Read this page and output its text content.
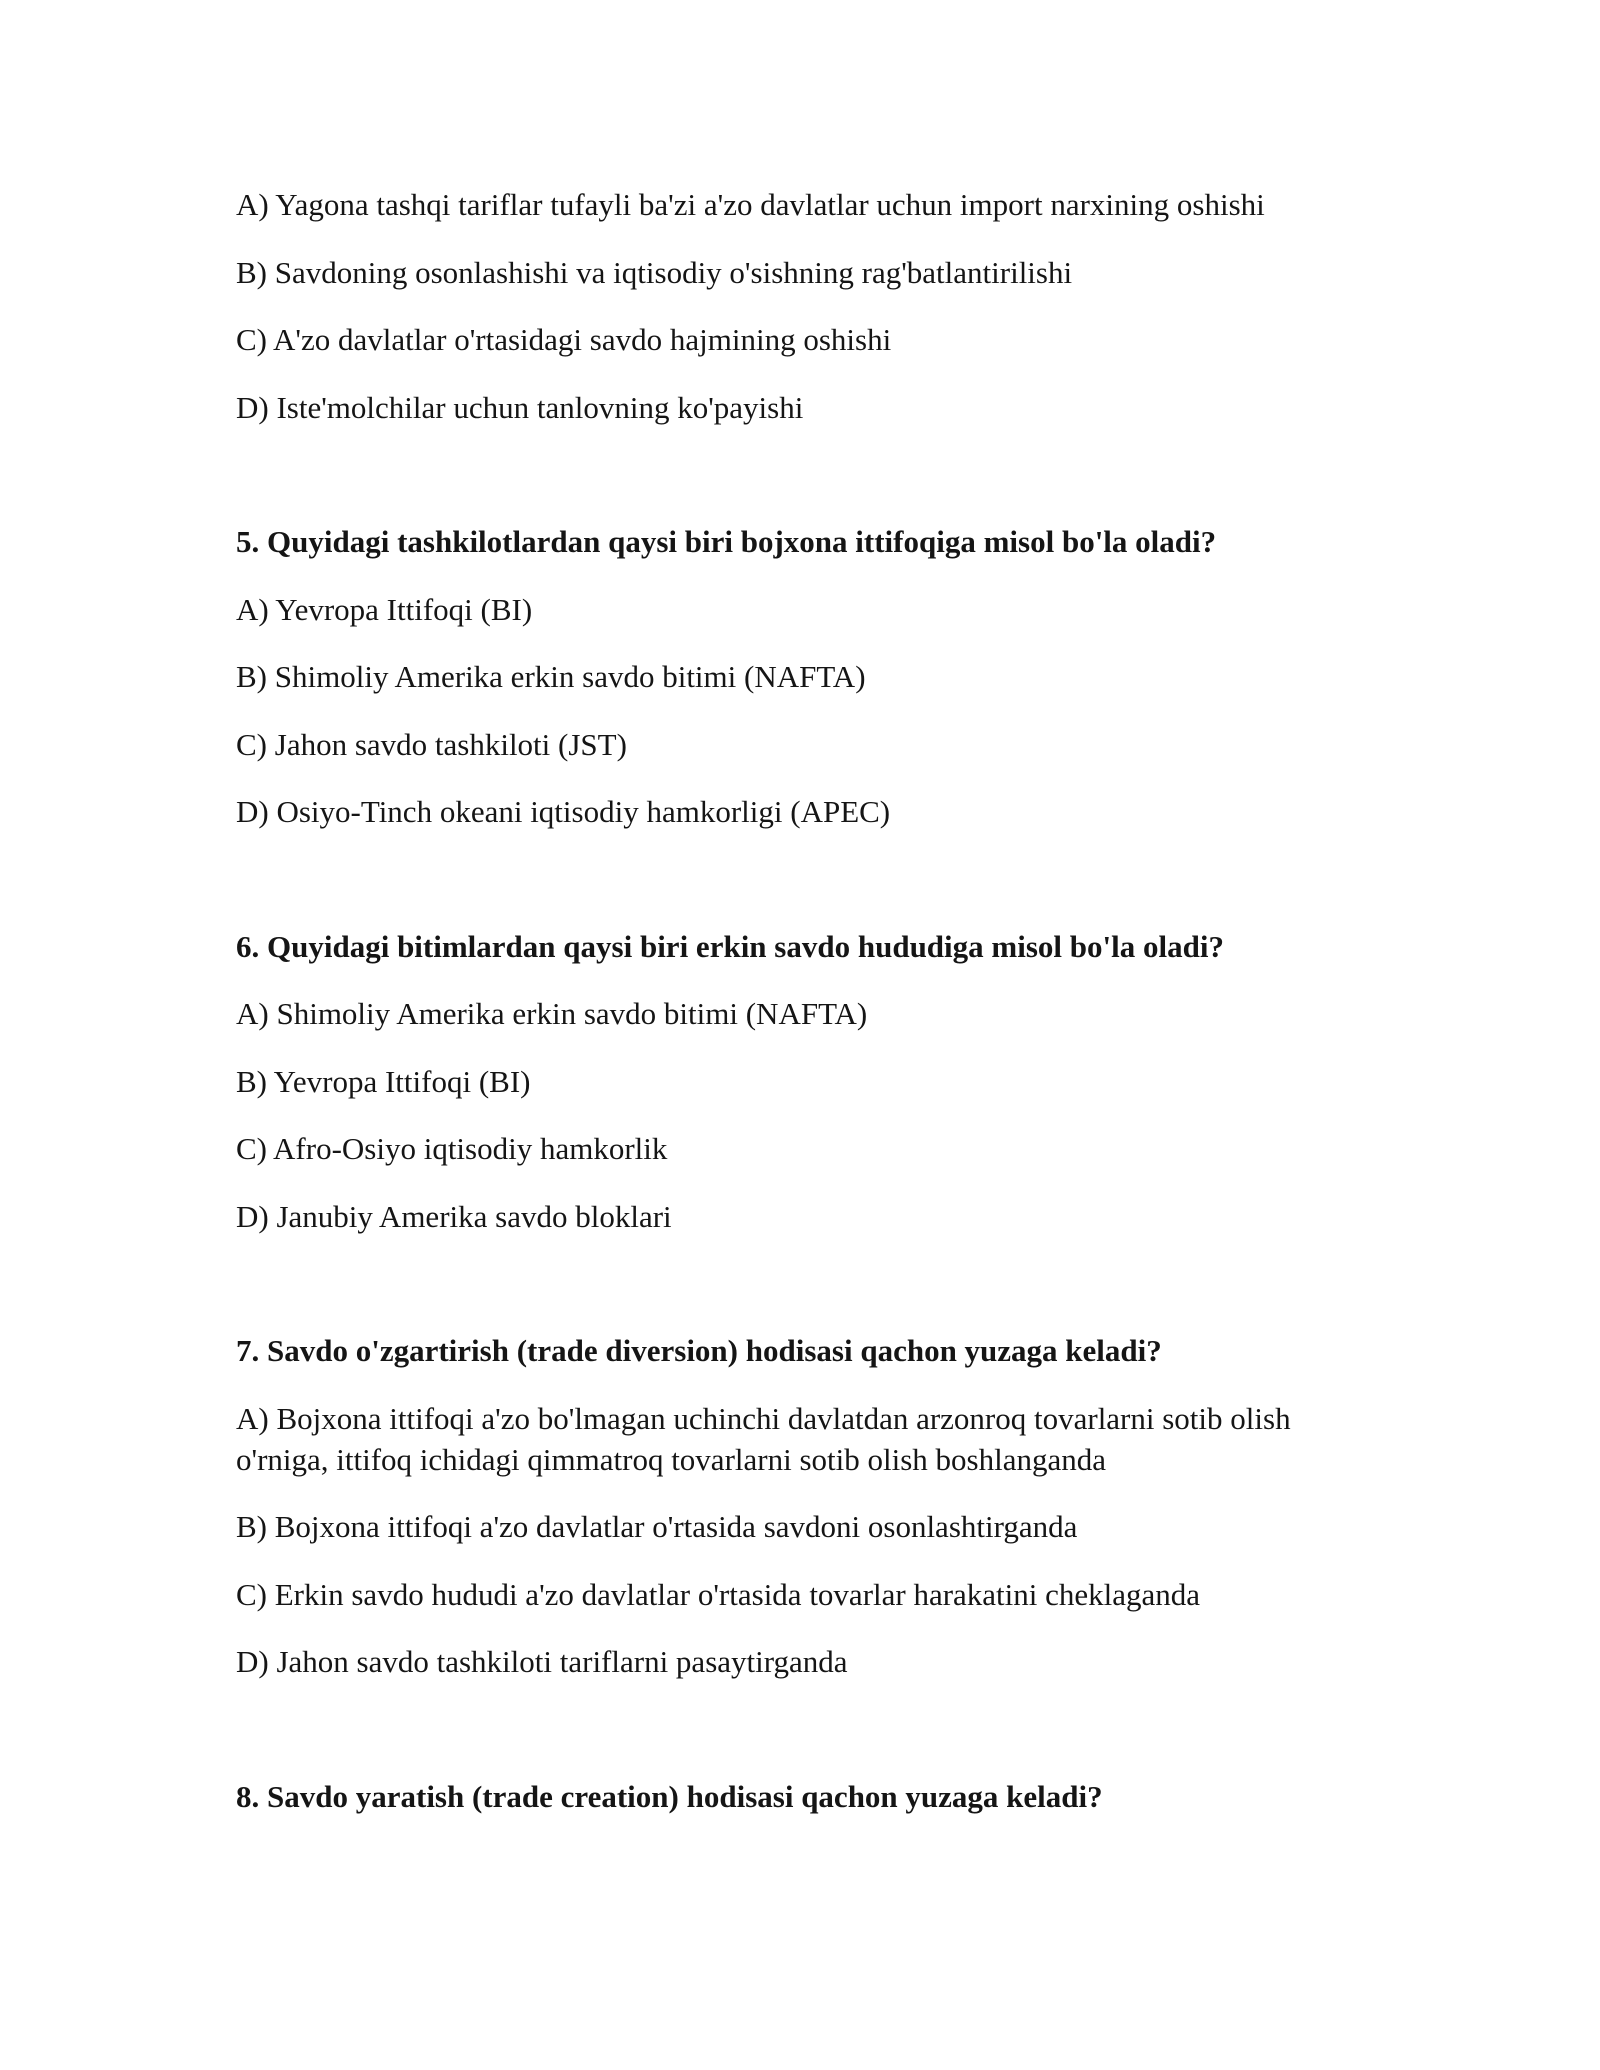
A) Yagona tashqi tariflar tufayli ba'zi a'zo davlatlar uchun import narxining oshishi

B) Savdoning osonlashishi va iqtisodiy o'sishning rag'batlantirilishi

C) A'zo davlatlar o'rtasidagi savdo hajmining oshishi

D) Iste'molchilar uchun tanlovning ko'payishi

5. Quyidagi tashkilotlardan qaysi biri bojxona ittifoqiga misol bo'la oladi?

A) Yevropa Ittifoqi (BI)

B) Shimoliy Amerika erkin savdo bitimi (NAFTA)

C) Jahon savdo tashkiloti (JST)

D) Osiyo-Tinch okeani iqtisodiy hamkorligi (APEC)

6. Quyidagi bitimlardan qaysi biri erkin savdo hududiga misol bo'la oladi?

A) Shimoliy Amerika erkin savdo bitimi (NAFTA)

B) Yevropa Ittifoqi (BI)

C) Afro-Osiyo iqtisodiy hamkorlik

D) Janubiy Amerika savdo bloklari

7. Savdo o'zgartirish (trade diversion) hodisasi qachon yuzaga keladi?

A) Bojxona ittifoqi a'zo bo'lmagan uchinchi davlatdan arzonroq tovarlarni sotib olish o'rniga, ittifoq ichidagi qimmatroq tovarlarni sotib olish boshlanganda

B) Bojxona ittifoqi a'zo davlatlar o'rtasida savdoni osonlashtirganda

C) Erkin savdo hududi a'zo davlatlar o'rtasida tovarlar harakatini cheklaganda

D) Jahon savdo tashkiloti tariflarni pasaytirganda

8. Savdo yaratish (trade creation) hodisasi qachon yuzaga keladi?
